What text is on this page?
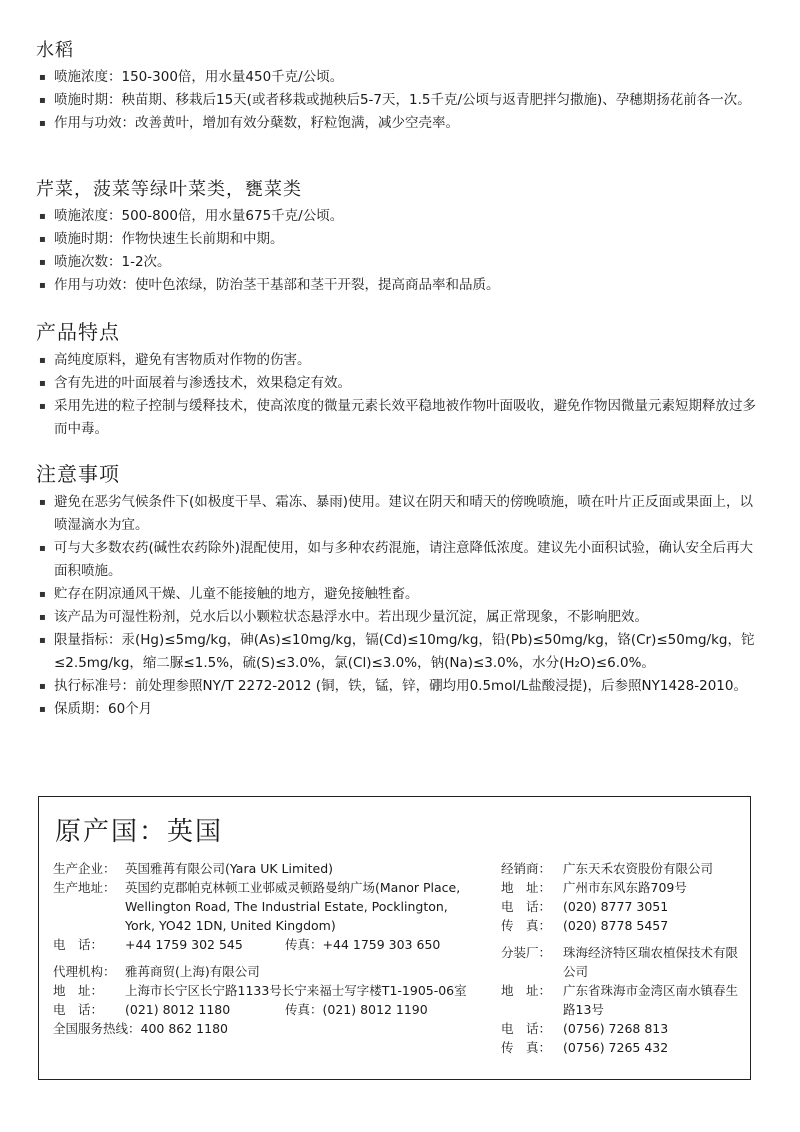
水稻
▪ 喷施浓度：150-300倍，用水量450千克/公顷。
▪ 喷施时期：秧苗期、移栽后15天(或者移栽或抛秧后5-7天，1.5千克/公顷与返青肥拌匀撒施)、孕穗期扬花前各一次。
▪ 作用与功效：改善黄叶，增加有效分蘖数，籽粒饱满，减少空壳率。
芹菜，菠菜等绿叶菜类，甕菜类
▪ 喷施浓度：500-800倍，用水量675千克/公顷。
▪ 喷施时期：作物快速生长前期和中期。
▪ 喷施次数：1-2次。
▪ 作用与功效：使叶色浓绿，防治茎干基部和茎干开裂，提高商品率和品质。
产品特点
▪ 高纯度原料，避免有害物质对作物的伤害。
▪ 含有先进的叶面展着与渗透技术，效果稳定有效。
▪ 采用先进的粒子控制与缓释技术，使高浓度的微量元素长效平稳地被作物叶面吸收，避免作物因微量元素短期释放过多而中毒。
注意事项
▪ 避免在恶劣气候条件下(如极度干旱、霜冻、暴雨)使用。建议在阴天和晴天的傍晚喷施，喷在叶片正反面或果面上，以喷湿滴水为宜。
▪ 可与大多数农药(碱性农药除外)混配使用，如与多种农药混施，请注意降低浓度。建议先小面积试验，确认安全后再大面积喷施。
▪ 贮存在阴凉通风干燥、儿童不能接触的地方，避免接触牲畜。
▪ 该产品为可湿性粉剂，兑水后以小颗粒状态悬浮水中。若出现少量沉淀，属正常现象，不影响肥效。
▪ 限量指标：汞(Hg)≤5mg/kg，砷(As)≤10mg/kg，镉(Cd)≤10mg/kg，铅(Pb)≤50mg/kg，铬(Cr)≤50mg/kg，铊≤2.5mg/kg，缩二脲≤1.5%，硫(S)≤3.0%，氯(Cl)≤3.0%，钠(Na)≤3.0%，水分(H₂O)≤6.0%。
▪ 执行标准号：前处理参照NY/T 2272-2012 (铜，铁，锰，锌，硼均用0.5mol/L盐酸浸提)，后参照NY1428-2010。
▪ 保质期：60个月
原产国：英国
生产企业： 英国雅苒有限公司(Yara UK Limited)
生产地址： 英国约克郡帕克林顿工业邨威灵顿路曼纳广场(Manor Place, Wellington Road, The Industrial Estate, Pocklington, York, YO42 1DN, United Kingdom)
电　话：	+44 1759 302 545	传真： +44 1759 303 650
代理机构： 雅苒商贸(上海)有限公司
地　址：	上海市长宁区长宁路1133号长宁来福士写字楼T1-1905-06室
电　话：	(021) 8012 1180	传真： (021) 8012 1190
全国服务热线： 400 862 1180
经销商： 广东天禾农资股份有限公司
地　址： 广州市东风东路709号
电　话： (020) 8777 3051
传　真： (020) 8778 5457
分装厂： 珠海经济特区瑞农植保技术有限公司
地　址： 广东省珠海市金湾区南水镇春生路13号
电　话： (0756) 7268 813
传　真： (0756) 7265 432
